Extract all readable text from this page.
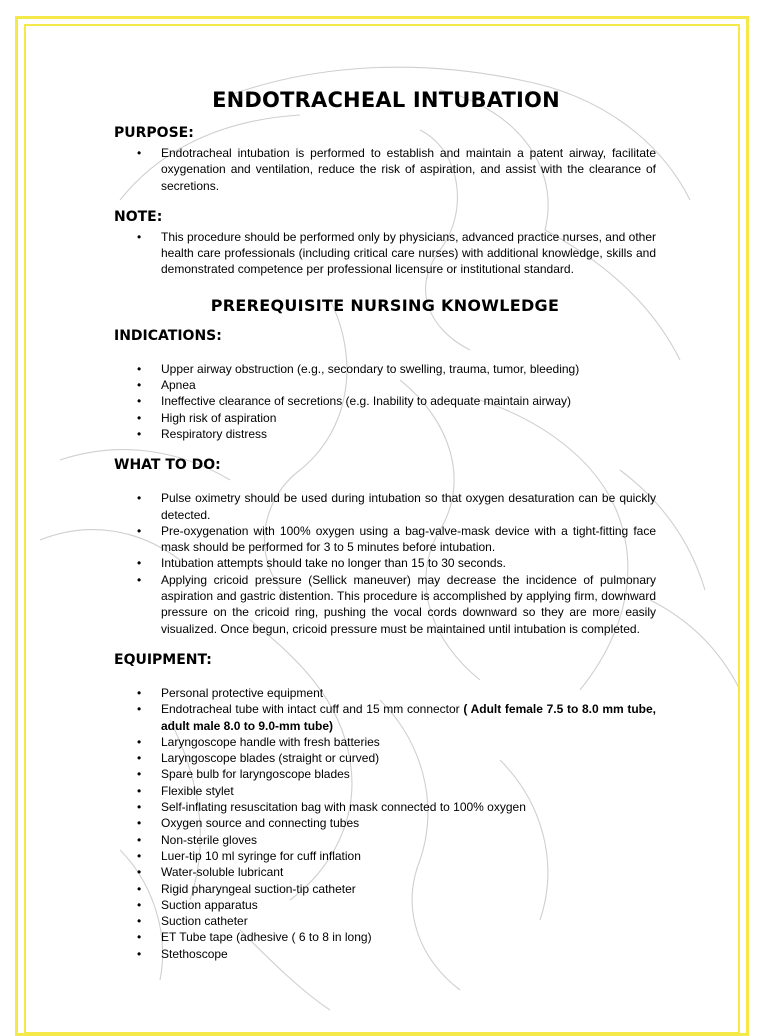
ENDOTRACHEAL INTUBATION
PURPOSE:
• Endotracheal intubation is performed to establish and maintain a patent airway, facilitate oxygenation and ventilation, reduce the risk of aspiration, and assist with the clearance of secretions.
NOTE:
• This procedure should be performed only by physicians, advanced practice nurses, and other health care professionals (including critical care nurses) with additional knowledge, skills and demonstrated competence per professional licensure or institutional standard.
PREREQUISITE NURSING KNOWLEDGE
INDICATIONS:
• Upper airway obstruction (e.g., secondary to swelling, trauma, tumor, bleeding)
• Apnea
• Ineffective clearance of secretions (e.g. Inability to adequate maintain airway)
• High risk of aspiration
• Respiratory distress
WHAT TO DO:
• Pulse oximetry should be used during intubation so that oxygen desaturation can be quickly detected.
• Pre-oxygenation with 100% oxygen using a bag-valve-mask device with a tight-fitting face mask should be performed for 3 to 5 minutes before intubation.
• Intubation attempts should take no longer than 15 to 30 seconds.
• Applying cricoid pressure (Sellick maneuver) may decrease the incidence of pulmonary aspiration and gastric distention. This procedure is accomplished by applying firm, downward pressure on the cricoid ring, pushing the vocal cords downward so they are more easily visualized. Once begun, cricoid pressure must be maintained until intubation is completed.
EQUIPMENT:
• Personal protective equipment
• Endotracheal tube with intact cuff and 15 mm connector ( Adult female 7.5 to 8.0 mm tube, adult male 8.0 to 9.0-mm tube)
• Laryngoscope handle with fresh batteries
• Laryngoscope blades (straight or curved)
• Spare bulb for laryngoscope blades
• Flexible stylet
• Self-inflating resuscitation bag with mask connected to 100% oxygen
• Oxygen source and connecting tubes
• Non-sterile gloves
• Luer-tip 10 ml syringe for cuff inflation
• Water-soluble lubricant
• Rigid pharyngeal suction-tip catheter
• Suction apparatus
• Suction catheter
• ET Tube tape (adhesive ( 6 to 8 in long)
• Stethoscope
